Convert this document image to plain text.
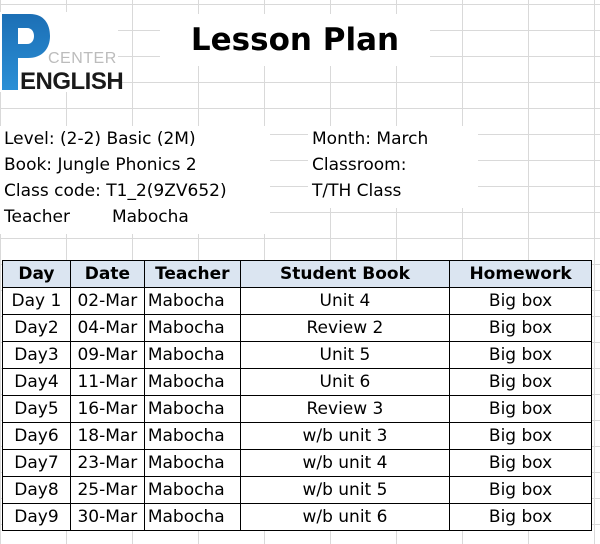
CENTER
ENGLISH
Lesson Plan
Level: (2-2) Basic (2M)
Book: Jungle Phonics 2
Class code: T1_2(9ZV652)
Teacher Mabocha
Month: March
Classroom:
T/TH Class
Day	Date	Teacher	Student Book	Homework
Day 1	02-Mar	Mabocha	Unit 4	Big box
Day2	04-Mar	Mabocha	Review 2	Big box
Day3	09-Mar	Mabocha	Unit 5	Big box
Day4	11-Mar	Mabocha	Unit 6	Big box
Day5	16-Mar	Mabocha	Review 3	Big box
Day6	18-Mar	Mabocha	w/b unit 3	Big box
Day7	23-Mar	Mabocha	w/b unit 4	Big box
Day8	25-Mar	Mabocha	w/b unit 5	Big box
Day9	30-Mar	Mabocha	w/b unit 6	Big box
